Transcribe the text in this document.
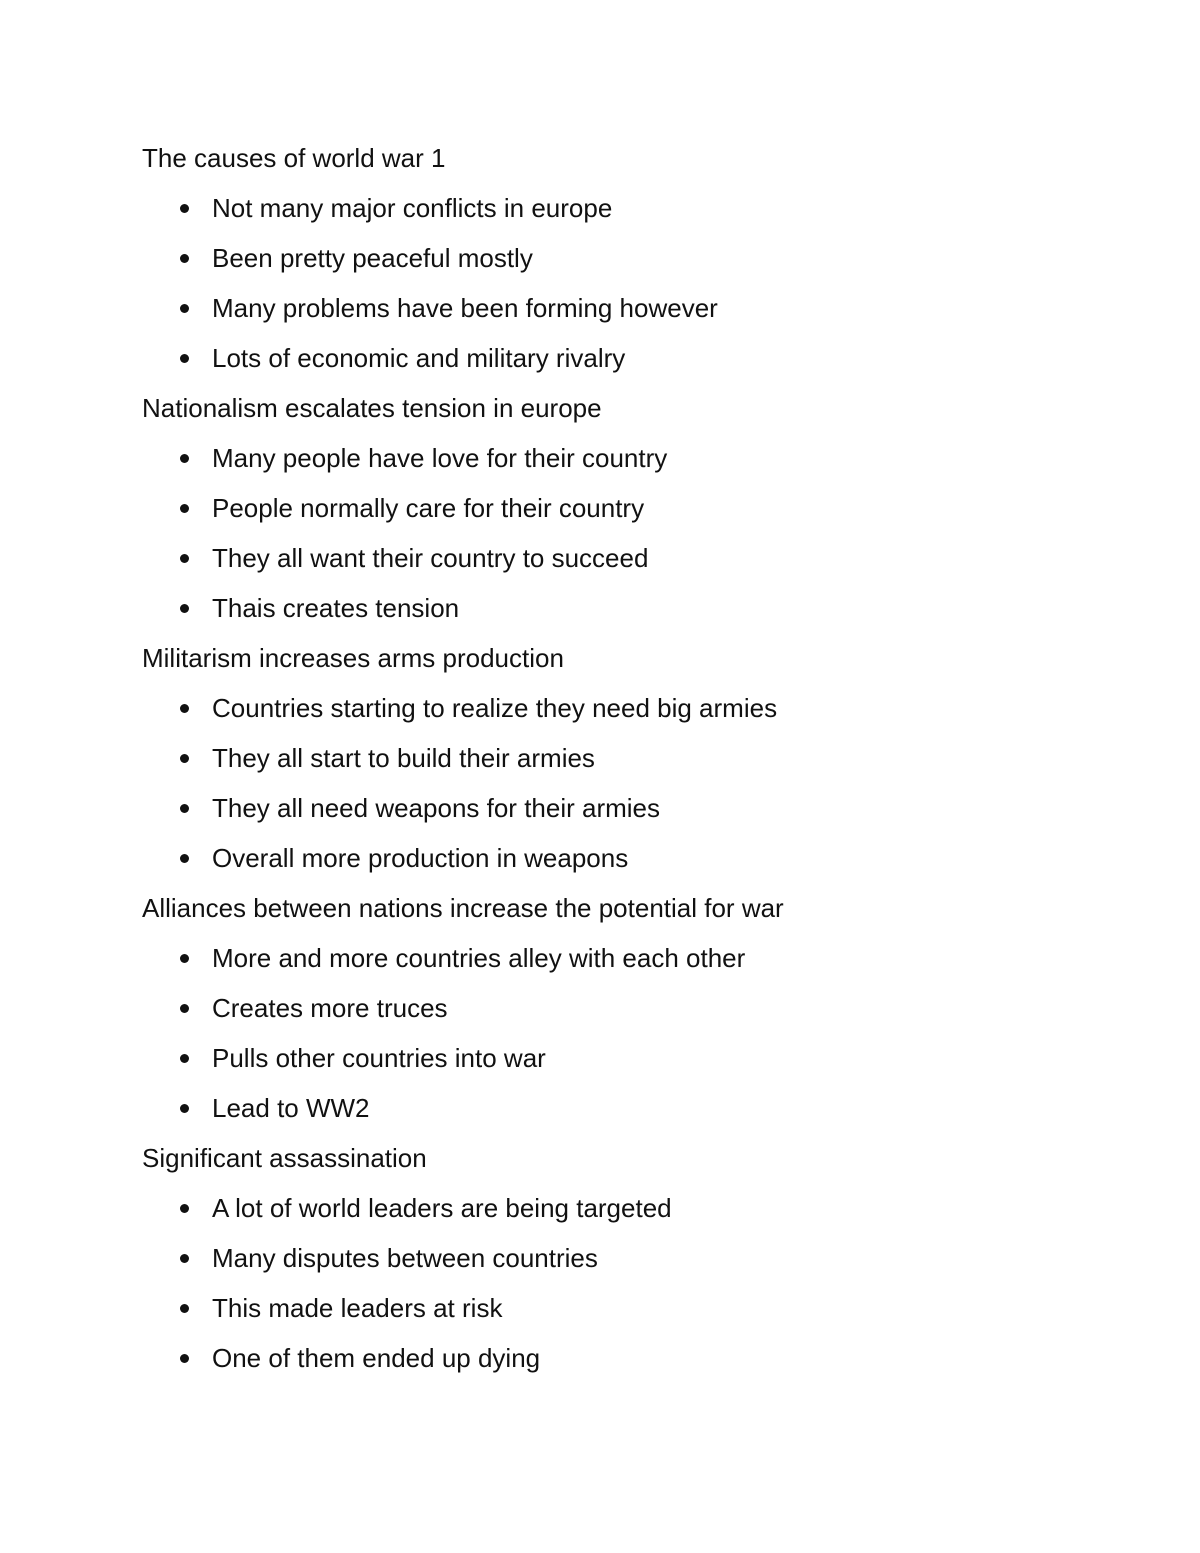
The causes of world war 1

Not many major conflicts in europe
Been pretty peaceful mostly
Many problems have been forming however
Lots of economic and military rivalry

Nationalism escalates tension in europe

Many people have love for their country
People normally care for their country
They all want their country to succeed
Thais creates tension

Militarism increases arms production

Countries starting to realize they need big armies
They all start to build their armies
They all need weapons for their armies
Overall more production in weapons

Alliances between nations increase the potential for war

More and more countries alley with each other
Creates more truces
Pulls other countries into war
Lead to WW2

Significant assassination

A lot of world leaders are being targeted
Many disputes between countries
This made leaders at risk
One of them ended up dying
